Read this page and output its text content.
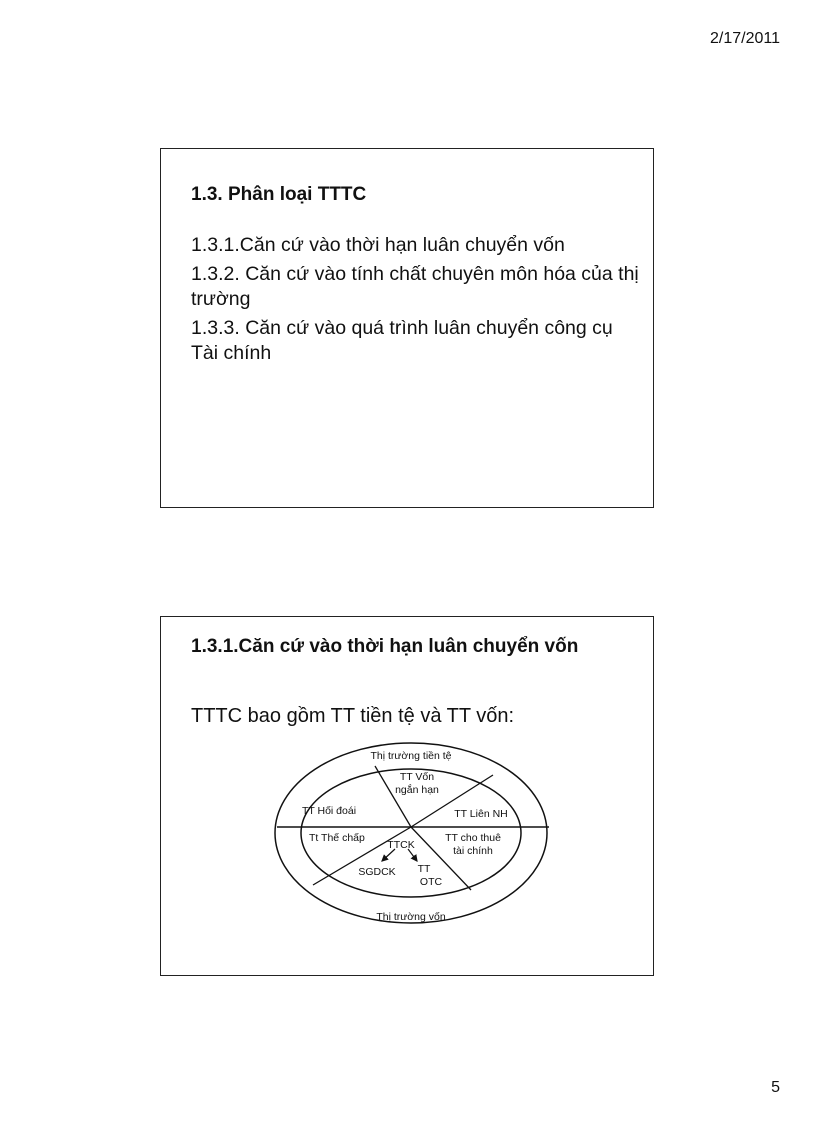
2/17/2011
1.3. Phân loại TTTC
1.3.1.Căn cứ vào thời hạn luân chuyển vốn
1.3.2. Căn cứ vào tính chất chuyên môn hóa của thị trường
1.3.3. Căn cứ vào quá trình luân chuyển công cụ Tài chính
1.3.1.Căn cứ vào thời hạn luân chuyển vốn
TTTC bao gồm TT tiền tệ và TT vốn:
Thị trường tiền tệ
Thị trường vốn
TT Vốn
ngắn hạn
TT Hối đoái	TT Liên NH
Tt Thế chấp	TT cho thuê
tài chính
TTCK
SGDCK TT
OTC
5
